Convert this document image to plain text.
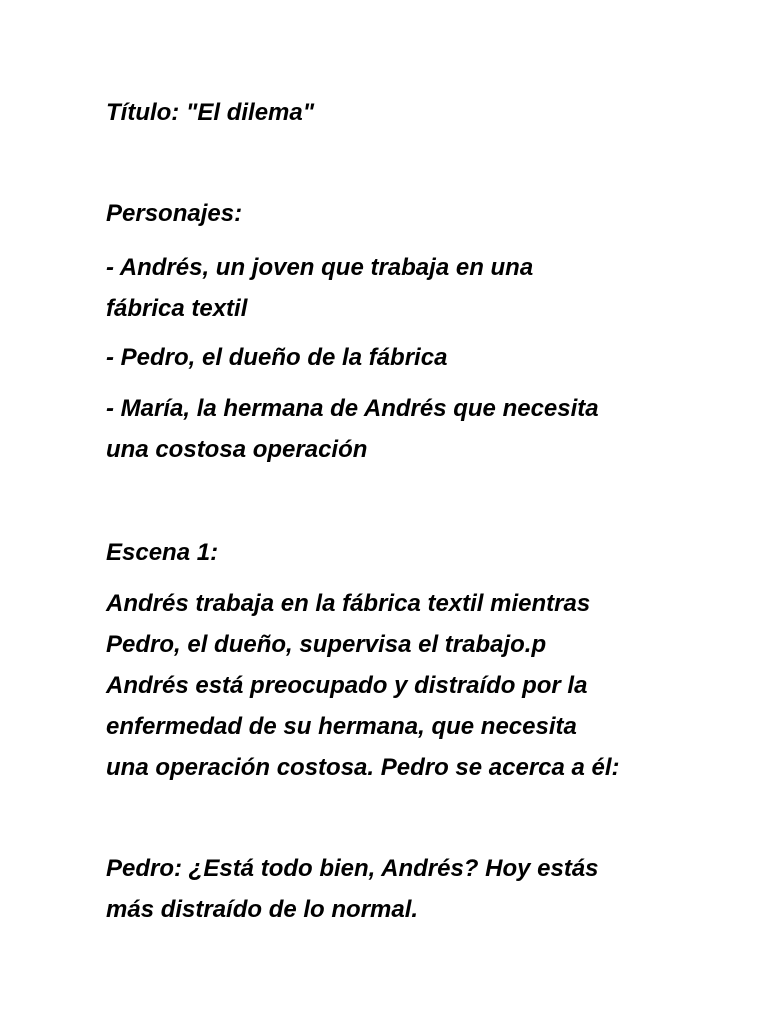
Título: "El dilema"

Personajes:

- Andrés, un joven que trabaja en una
fábrica textil

- Pedro, el dueño de la fábrica

- María, la hermana de Andrés que necesita
una costosa operación

Escena 1:

Andrés trabaja en la fábrica textil mientras
Pedro, el dueño, supervisa el trabajo.p
Andrés está preocupado y distraído por la
enfermedad de su hermana, que necesita
una operación costosa. Pedro se acerca a él:

Pedro: ¿Está todo bien, Andrés? Hoy estás
más distraído de lo normal.
